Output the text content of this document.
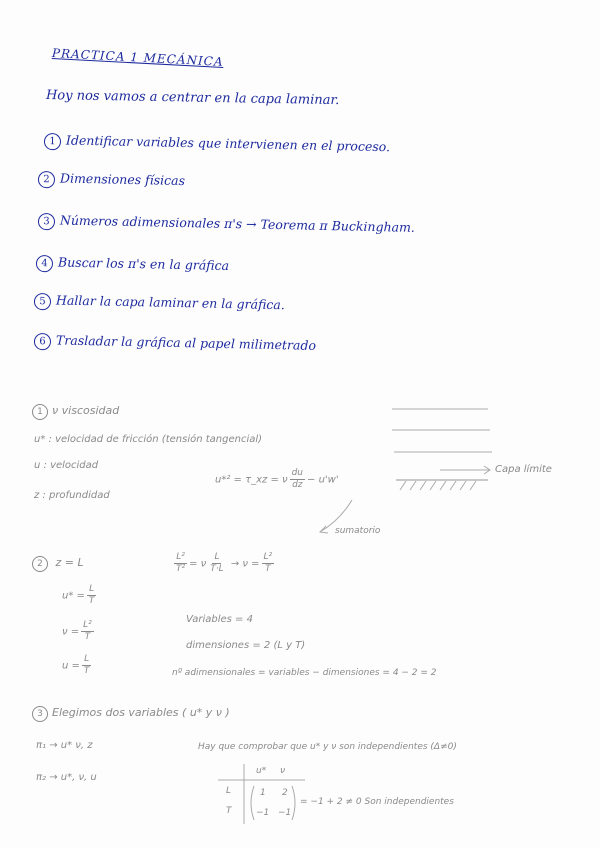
PRACTICA 1 MECÁNICA
Hoy nos vamos a centrar en la capa laminar.
1 Identificar variables que intervienen en el proceso.
2 Dimensiones físicas
3 Números adimensionales π's → Teorema π Buckingham.
4 Buscar los π's en la gráfica
5 Hallar la capa laminar en la gráfica.
6 Trasladar la gráfica al papel milimetrado
1 ν viscosidad
u* : velocidad de fricción (tensión tangencial)
u : velocidad
z : profundidad
u*² = τ_xz = ν $\frac{du}{dz} - u'w'$
Capa límite
sumatorio
2 z = L
$u* = \frac{L}{T}$
$\nu = \frac{\text{L²}}{T}$
$u = \frac{L}{T}$
$\frac{\text{L²}}{\text{T²}} = \nu \frac{L}{T\cdot L} \to \nu = \frac{\text{L²}}{T}$
Variables = 4
dimensiones = 2 (L y T)
nº adimensionales = variables − dimensiones = 4 − 2 = 2
3 Elegimos dos variables ( u* y ν )
π₁ → u* ν, z
π₂ → u*, ν, u
Hay que comprobar que u* y ν son independientes (Δ≠0)
u* ν
L
T
1 2
−1 −1
= −1 + 2 ≠ 0 Son independientes
